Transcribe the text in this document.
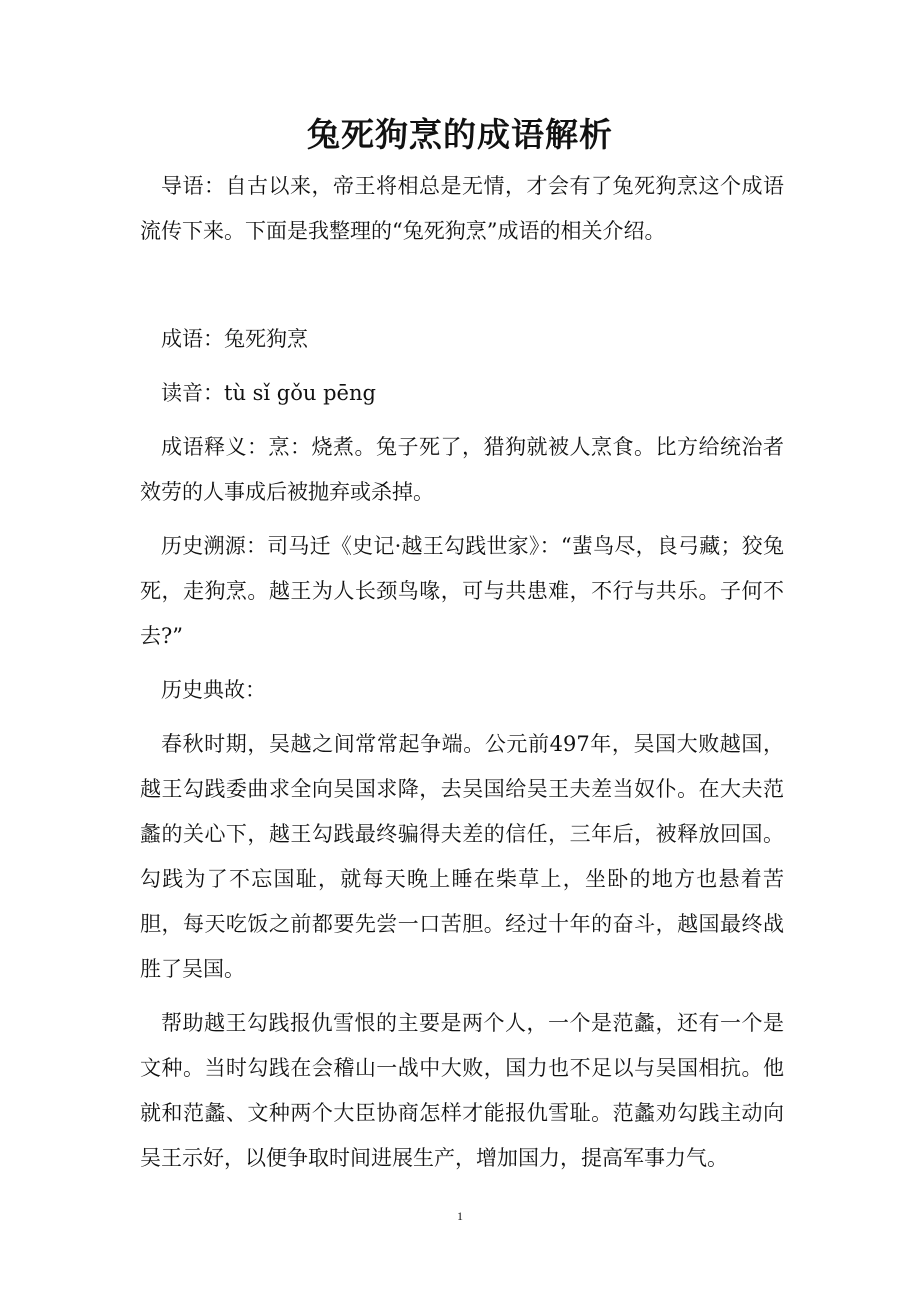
兔死狗烹的成语解析

导语：自古以来，帝王将相总是无情，才会有了兔死狗烹这个成语流传下来。下面是我整理的“兔死狗烹”成语的相关介绍。

成语：兔死狗烹

读音：tù sǐ gǒu pēng

成语释义：烹：烧煮。兔子死了，猎狗就被人烹食。比方给统治者效劳的人事成后被抛弃或杀掉。

历史溯源：司马迁《史记·越王勾践世家》：“蜚鸟尽，良弓藏；狡兔死，走狗烹。越王为人长颈鸟喙，可与共患难，不行与共乐。子何不去?”

历史典故：

春秋时期，吴越之间常常起争端。公元前497年，吴国大败越国，越王勾践委曲求全向吴国求降，去吴国给吴王夫差当奴仆。在大夫范蠡的关心下，越王勾践最终骗得夫差的信任，三年后，被释放回国。勾践为了不忘国耻，就每天晚上睡在柴草上，坐卧的地方也悬着苦胆，每天吃饭之前都要先尝一口苦胆。经过十年的奋斗，越国最终战胜了吴国。

帮助越王勾践报仇雪恨的主要是两个人，一个是范蠡，还有一个是文种。当时勾践在会稽山一战中大败，国力也不足以与吴国相抗。他就和范蠡、文种两个大臣协商怎样才能报仇雪耻。范蠡劝勾践主动向吴王示好，以便争取时间进展生产，增加国力，提高军事力气。

1
